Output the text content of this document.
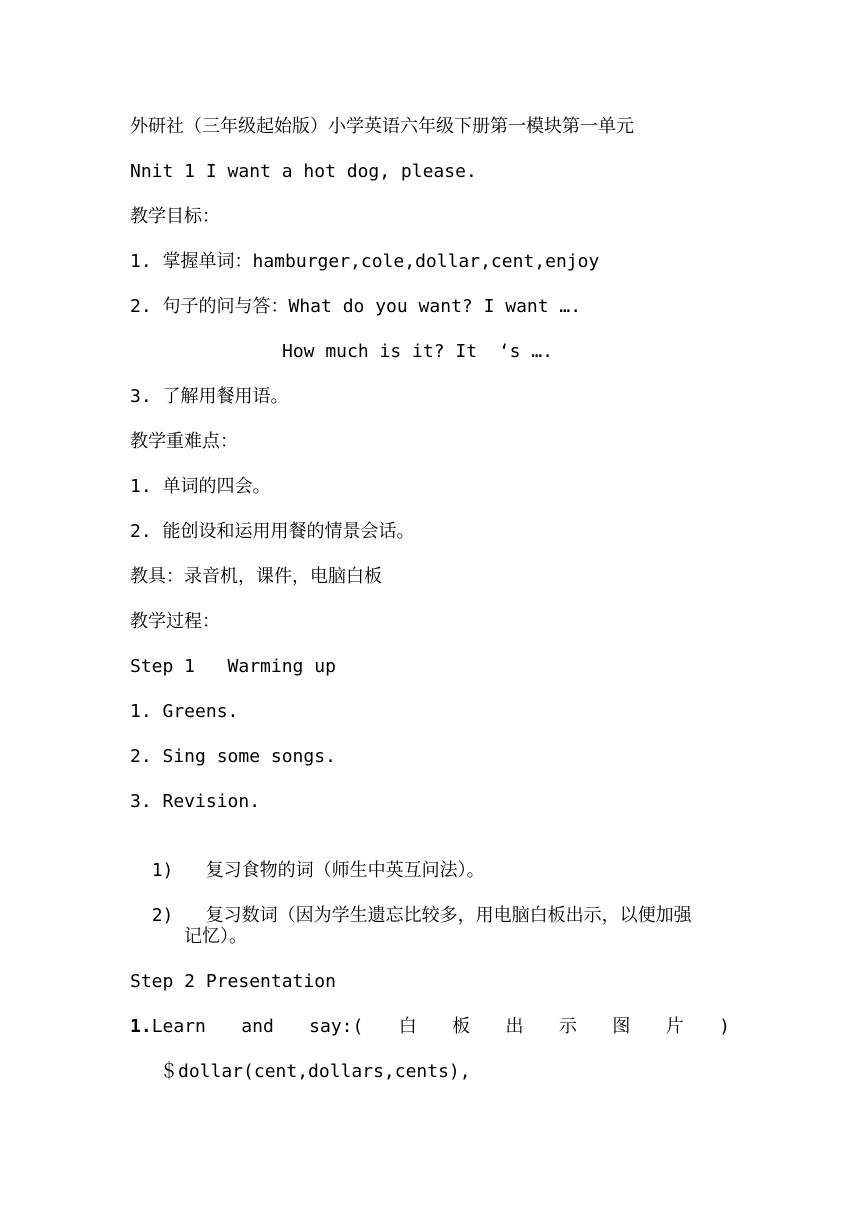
外研社（三年级起始版）小学英语六年级下册第一模块第一单元
Nnit 1 I want a hot dog, please.
教学目标：
1. 掌握单词：hamburger,cole,dollar,cent,enjoy
2. 句子的问与答：What do you want? I want ….
How much is it? It  ‘s ….
3. 了解用餐用语。
教学重难点：
1. 单词的四会。
2. 能创设和运用用餐的情景会话。
教具：录音机，课件，电脑白板
教学过程：
Step 1   Warming up
1. Greens.
2. Sing some songs.
3. Revision.

1) 复习食物的词（师生中英互问法）。

2) 复习数词（因为学生遗忘比较多，用电脑白板出示，以便加强

记忆）。
Step 2 Presentation
1. Learn and say:( 白 板 出 示 图 片 )
＄dollar(cent,dollars,cents),
